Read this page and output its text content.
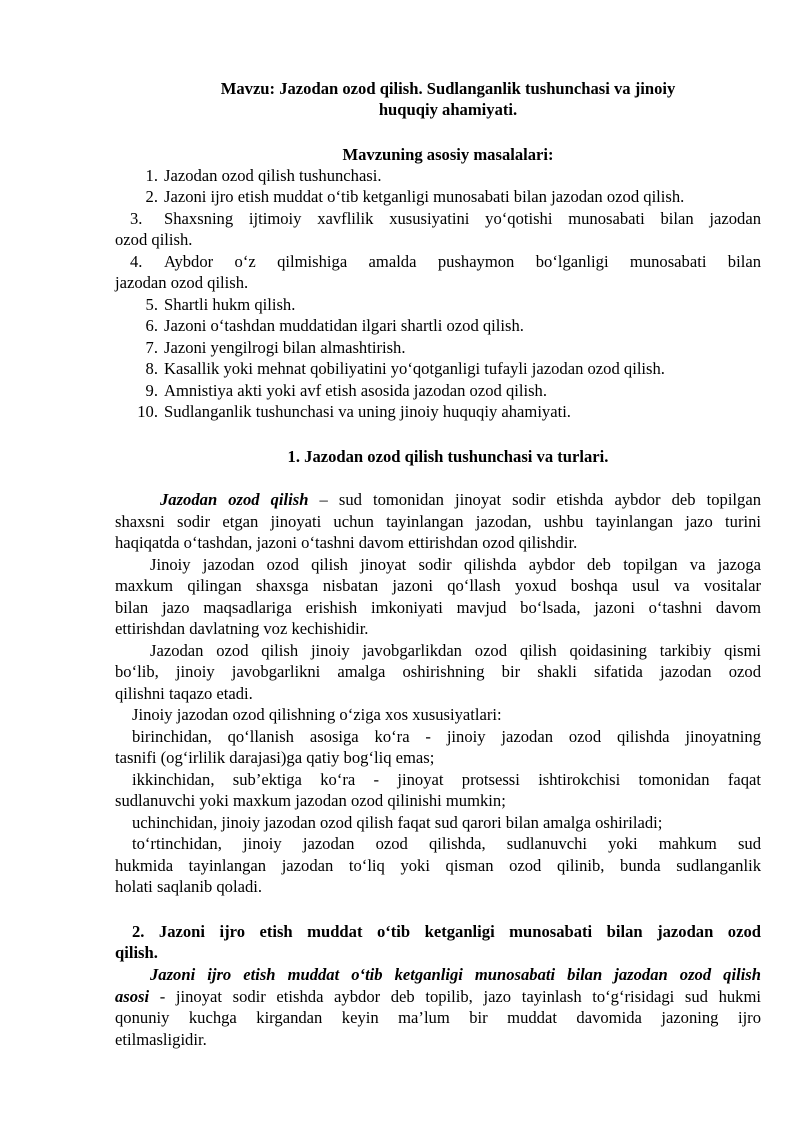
Mavzu: Jazodan ozod qilish. Sudlanganlik tushunchasi va jinoiy
huquqiy ahamiyati.
Mavzuning asosiy masalalari:
1. Jazodan ozod qilish tushunchasi.
2. Jazoni ijro etish muddat o‘tib ketganligi munosabati bilan jazodan ozod qilish.
3. Shaxsning ijtimoiy xavflilik xususiyatini yo‘qotishi munosabati bilan jazodan
ozod qilish.
4. Aybdor o‘z qilmishiga amalda pushaymon bo‘lganligi munosabati bilan
jazodan ozod qilish.
5. Shartli hukm qilish.
6. Jazoni o‘tashdan muddatidan ilgari shartli ozod qilish.
7. Jazoni yengilrogi bilan almashtirish.
8. Kasallik yoki mehnat qobiliyatini yo‘qotganligi tufayli jazodan ozod qilish.
9. Amnistiya akti yoki avf etish asosida jazodan ozod qilish.
10. Sudlanganlik tushunchasi va uning jinoiy huquqiy ahamiyati.
1. Jazodan ozod qilish tushunchasi va turlari.
Jazodan ozod qilish – sud tomonidan jinoyat sodir etishda aybdor deb topilgan
shaxsni sodir etgan jinoyati uchun tayinlangan jazodan, ushbu tayinlangan jazo turini
haqiqatda o‘tashdan, jazoni o‘tashni davom ettirishdan ozod qilishdir.
Jinoiy jazodan ozod qilish jinoyat sodir qilishda aybdor deb topilgan va jazoga
maxkum qilingan shaxsga nisbatan jazoni qo‘llash yoxud boshqa usul va vositalar
bilan jazo maqsadlariga erishish imkoniyati mavjud bo‘lsada, jazoni o‘tashni davom
ettirishdan davlatning voz kechishidir.
Jazodan ozod qilish jinoiy javobgarlikdan ozod qilish qoidasining tarkibiy qismi
bo‘lib, jinoiy javobgarlikni amalga oshirishning bir shakli sifatida jazodan ozod
qilishni taqazo etadi.
Jinoiy jazodan ozod qilishning o‘ziga xos xususiyatlari:
birinchidan, qo‘llanish asosiga ko‘ra - jinoiy jazodan ozod qilishda jinoyatning
tasnifi (og‘irlilik darajasi)ga qatiy bog‘liq emas;
ikkinchidan, sub’ektiga ko‘ra - jinoyat protsessi ishtirokchisi tomonidan faqat
sudlanuvchi yoki maxkum jazodan ozod qilinishi mumkin;
uchinchidan, jinoiy jazodan ozod qilish faqat sud qarori bilan amalga oshiriladi;
to‘rtinchidan, jinoiy jazodan ozod qilishda, sudlanuvchi yoki mahkum sud
hukmida tayinlangan jazodan to‘liq yoki qisman ozod qilinib, bunda sudlanganlik
holati saqlanib qoladi.
2. Jazoni ijro etish muddat o‘tib ketganligi munosabati bilan jazodan ozod
qilish.
Jazoni ijro etish muddat o‘tib ketganligi munosabati bilan jazodan ozod qilish
asosi - jinoyat sodir etishda aybdor deb topilib, jazo tayinlash to‘g‘risidagi sud hukmi
qonuniy kuchga kirgandan keyin ma’lum bir muddat davomida jazoning ijro
etilmasligidir.
